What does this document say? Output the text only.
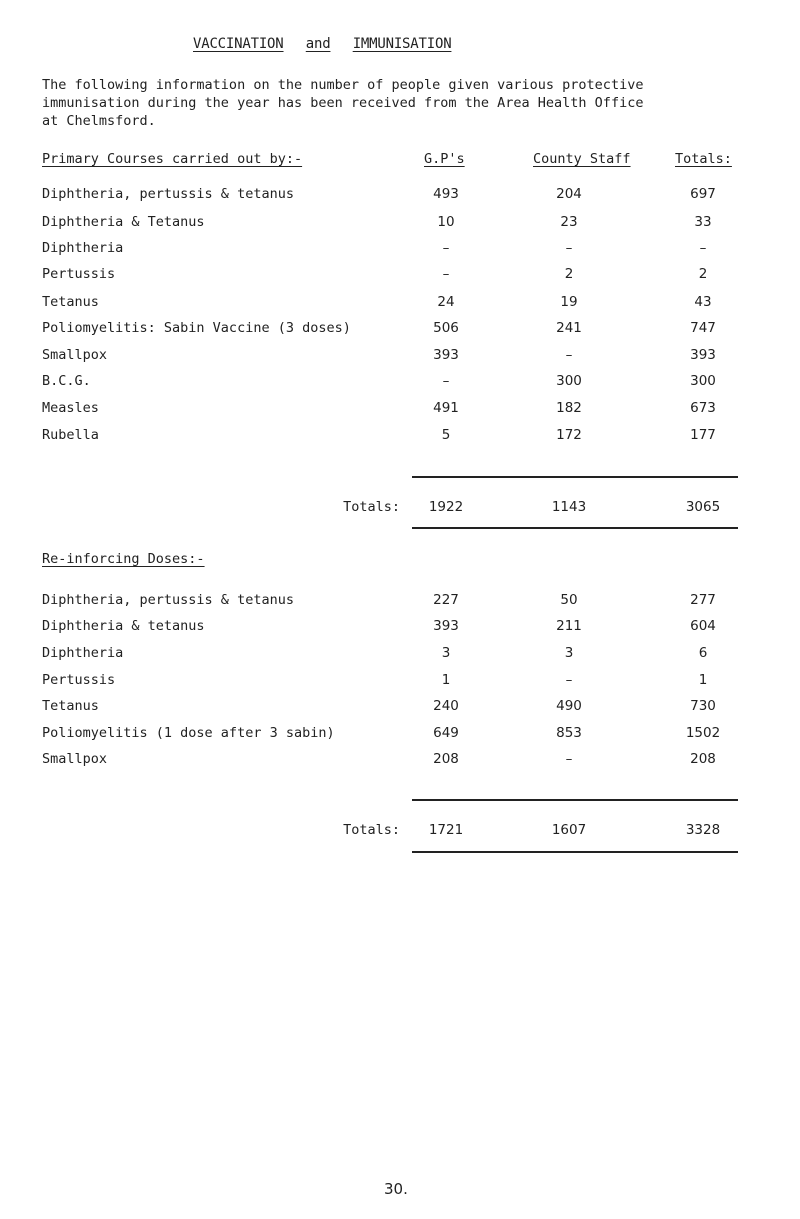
VACCINATION and IMMUNISATION
The following information on the number of people given various protective
immunisation during the year has been received from the Area Health Office
at Chelmsford.
Primary Courses carried out by:-	G.P's	County Staff	Totals:
Diphtheria, pertussis & tetanus	493	204	697
Diphtheria & Tetanus	10	23	33
Diphtheria	–	–	–
Pertussis	–	2	2
Tetanus	24	19	43
Poliomyelitis: Sabin Vaccine (3 doses)	506	241	747
Smallpox	393	–	393
B.C.G.	–	300	300
Measles	491	182	673
Rubella	5	172	177
Totals:	1922	1143	3065
Re-inforcing Doses:-
Diphtheria, pertussis & tetanus	227	50	277
Diphtheria & tetanus	393	211	604
Diphtheria	3	3	6
Pertussis	1	–	1
Tetanus	240	490	730
Poliomyelitis (1 dose after 3 sabin)	649	853	1502
Smallpox	208	–	208
Totals:	1721	1607	3328
30.
